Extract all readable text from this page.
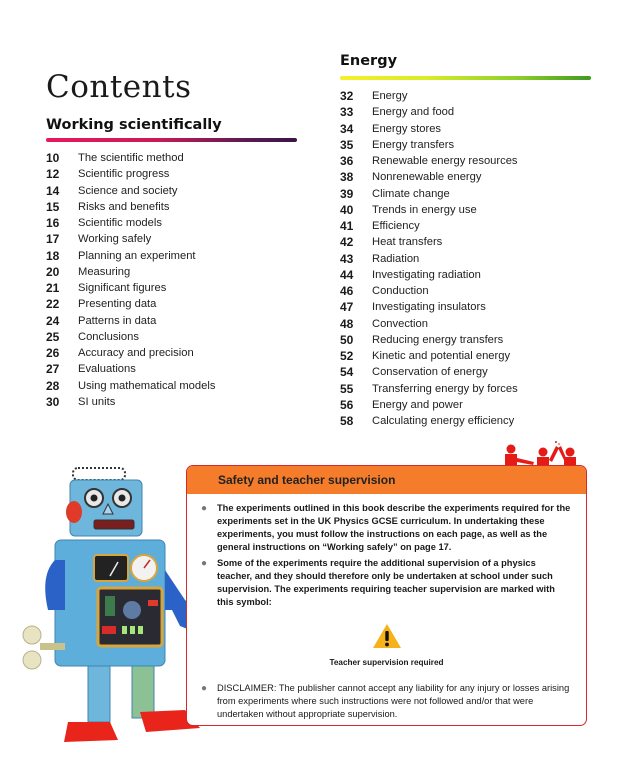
Contents
Working scientifically
10	The scientific method
12	Scientific progress
14	Science and society
15	Risks and benefits
16	Scientific models
17	Working safely
18	Planning an experiment
20	Measuring
21	Significant figures
22	Presenting data
24	Patterns in data
25	Conclusions
26	Accuracy and precision
27	Evaluations
28	Using mathematical models
30	SI units
Energy
32	Energy
33	Energy and food
34	Energy stores
35	Energy transfers
36	Renewable energy resources
38	Nonrenewable energy
39	Climate change
40	Trends in energy use
41	Efficiency
42	Heat transfers
43	Radiation
44	Investigating radiation
46	Conduction
47	Investigating insulators
48	Convection
50	Reducing energy transfers
52	Kinetic and potential energy
54	Conservation of energy
55	Transferring energy by forces
56	Energy and power
58	Calculating energy efficiency
Safety and teacher supervision
●	The experiments outlined in this book describe the experiments required for the experiments set in the UK Physics GCSE curriculum. In undertaking these experiments, you must follow the instructions on each page, as well as the general instructions on “Working safely” on page 17.
●	Some of the experiments require the additional supervision of a physics teacher, and they should therefore only be undertaken at school under such supervision. The experiments requiring teacher supervision are marked with this symbol:
Teacher supervision required
●	DISCLAIMER: The publisher cannot accept any liability for any injury or losses arising from experiments where such instructions were not followed and/or that were undertaken without appropriate supervision.
